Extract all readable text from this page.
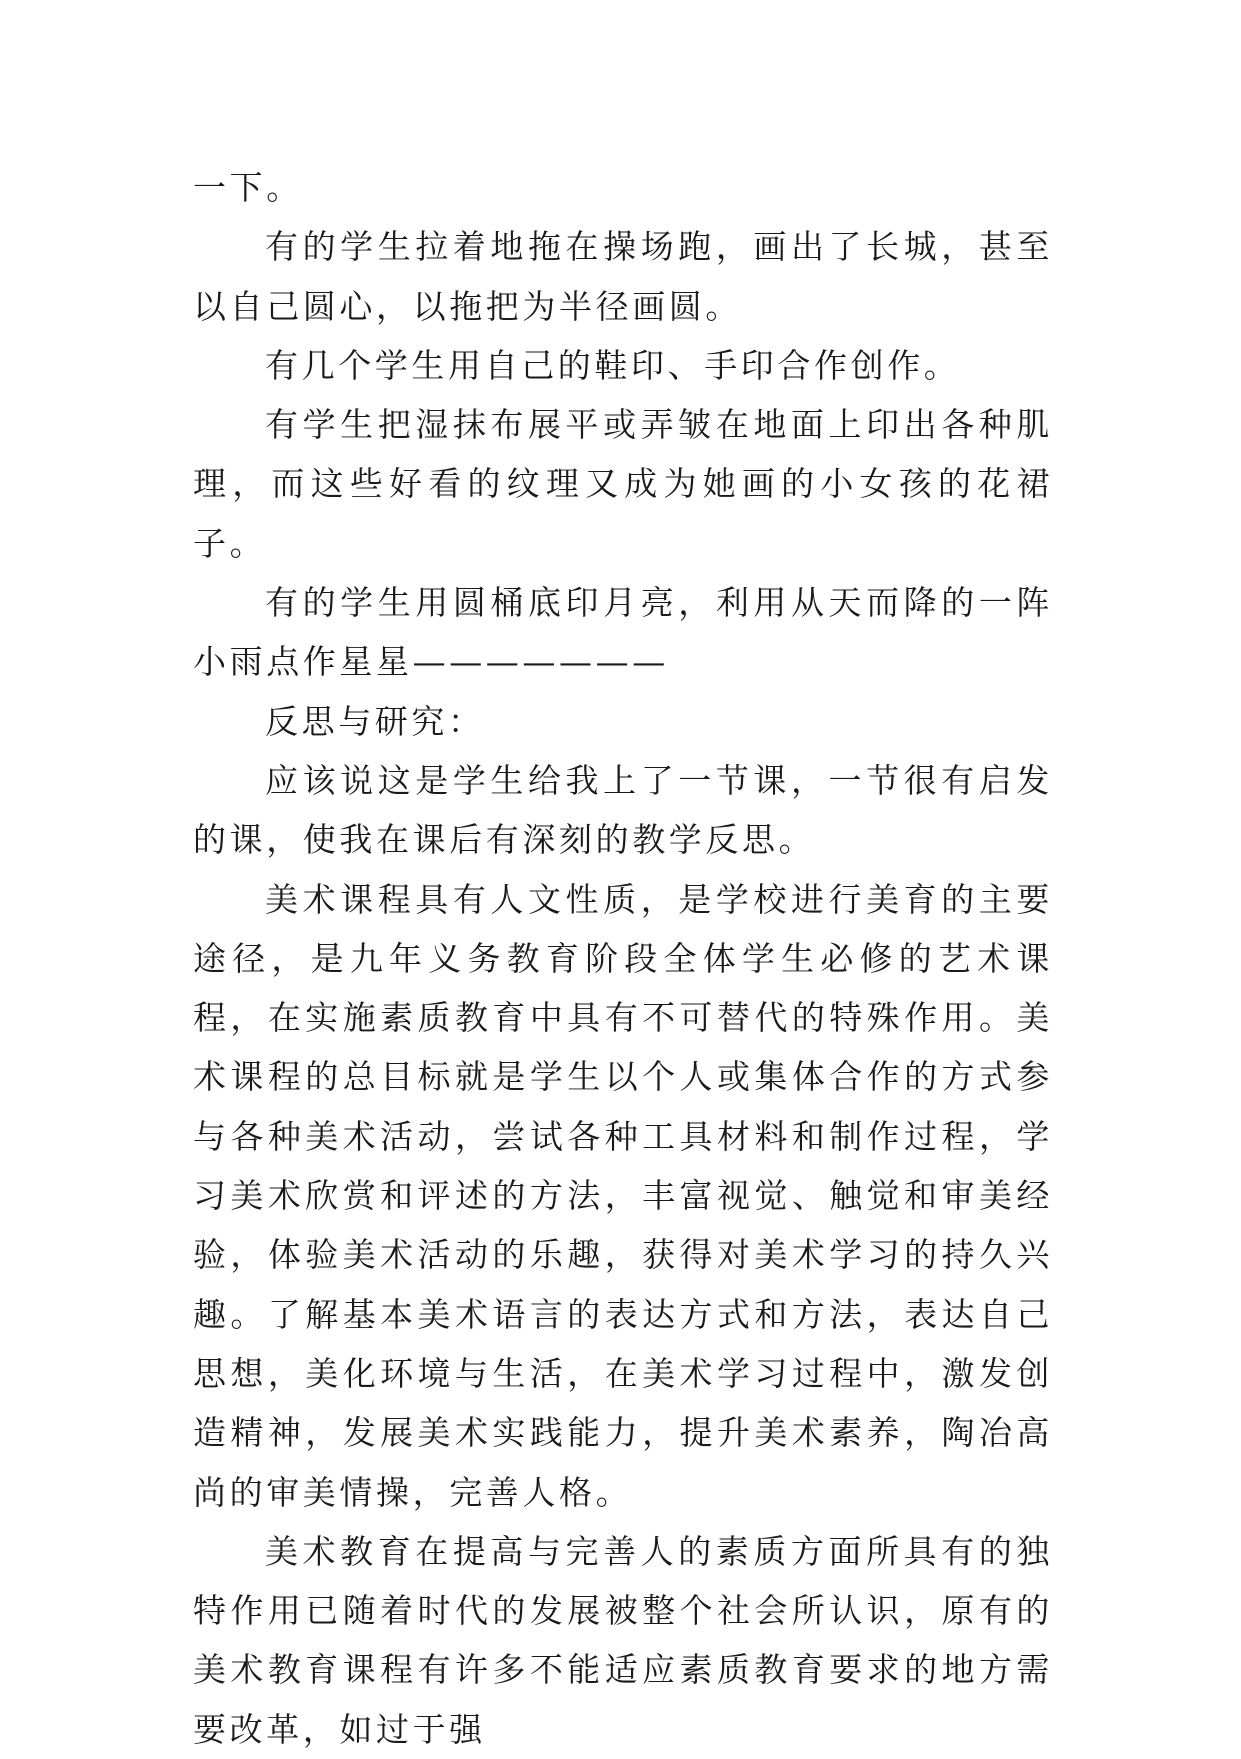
一下。

有的学生拉着地拖在操场跑，画出了长城，甚至以自己圆心，以拖把为半径画圆。

有几个学生用自己的鞋印、手印合作创作。

有学生把湿抹布展平或弄皱在地面上印出各种肌理，而这些好看的纹理又成为她画的小女孩的花裙子。

有的学生用圆桶底印月亮，利用从天而降的一阵小雨点作星星———————

反思与研究：

应该说这是学生给我上了一节课，一节很有启发的课，使我在课后有深刻的教学反思。

美术课程具有人文性质，是学校进行美育的主要途径，是九年义务教育阶段全体学生必修的艺术课程，在实施素质教育中具有不可替代的特殊作用。美术课程的总目标就是学生以个人或集体合作的方式参与各种美术活动，尝试各种工具材料和制作过程，学习美术欣赏和评述的方法，丰富视觉、触觉和审美经验，体验美术活动的乐趣，获得对美术学习的持久兴趣。了解基本美术语言的表达方式和方法，表达自己思想，美化环境与生活，在美术学习过程中，激发创造精神，发展美术实践能力，提升美术素养，陶冶高尚的审美情操，完善人格。

美术教育在提高与完善人的素质方面所具有的独特作用已随着时代的发展被整个社会所认识，原有的美术教育课程有许多不能适应素质教育要求的地方需要改革，如过于强
